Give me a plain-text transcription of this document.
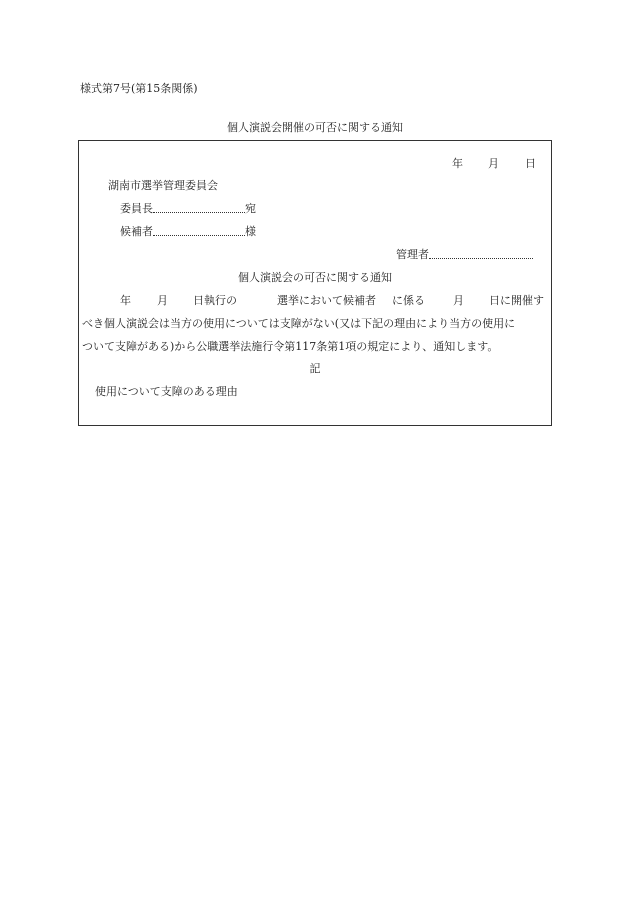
様式第7号(第15条関係)
個人演説会開催の可否に関する通知
年 月 日
湖南市選挙管理委員会
委員長	宛
候補者	様
管理者
個人演説会の可否に関する通知
年 月 日執行の	選挙において候補者 に係る	月 日に開催す
べき個人演説会は当方の使用については支障がない(又は下記の理由により当方の使用に
ついて支障がある)から公職選挙法施行令第117条第1項の規定により、通知します。
記
使用について支障のある理由
